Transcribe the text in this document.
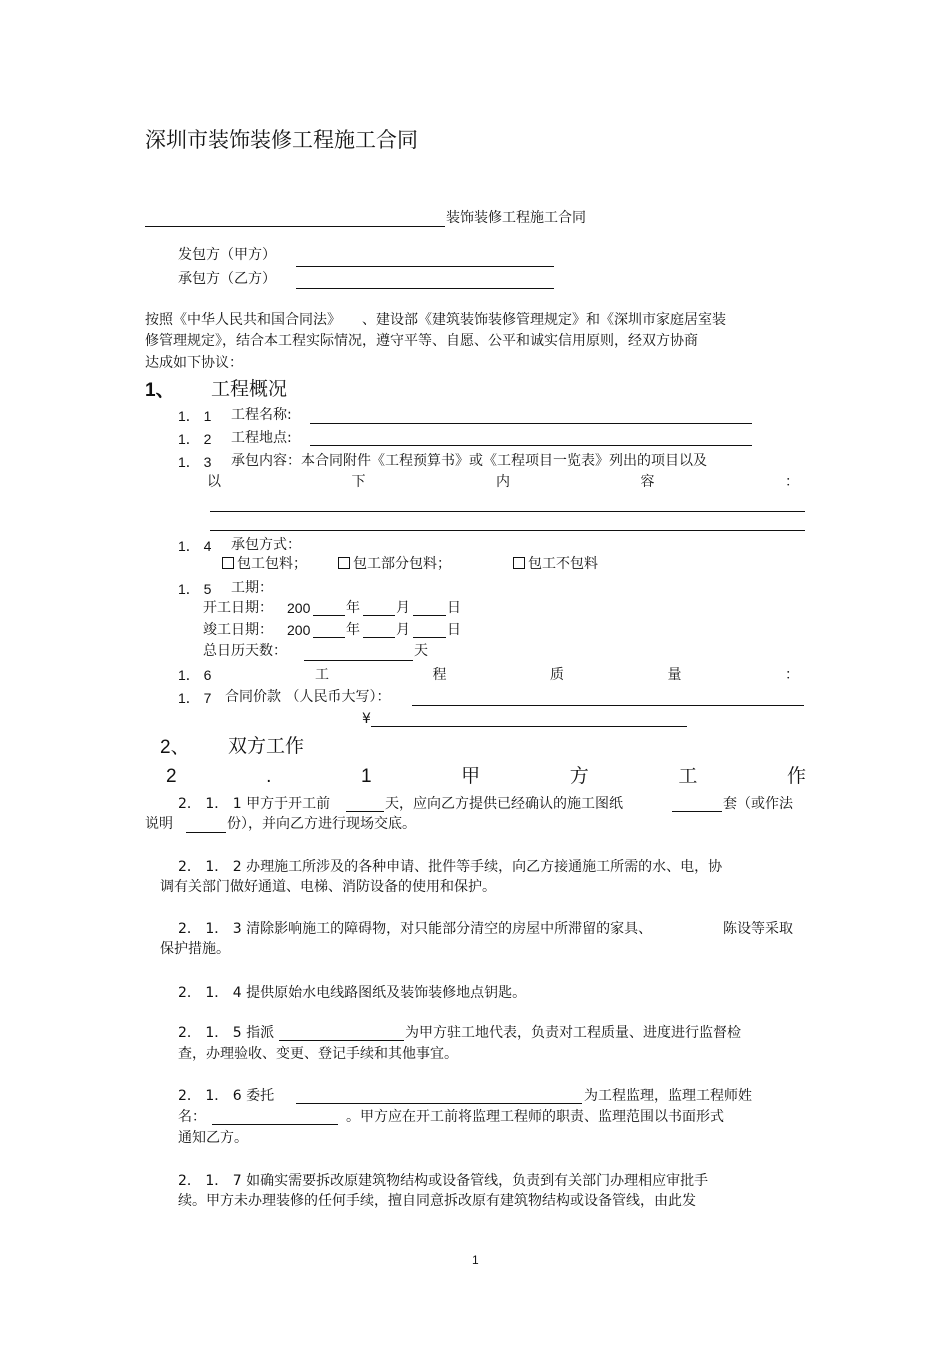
深圳市装饰装修工程施工合同
装饰装修工程施工合同
发包方（甲方）
承包方（乙方）
按照《中华人民共和国合同法》　　、建设部《建筑装饰装修管理规定》和《深圳市家庭居室装
修管理规定》，结合本工程实际情况，遵守平等、自愿、公平和诚实信用原则，经双方协商
达成如下协议：
1、 工程概况
1． 1 工程名称:
1． 2 工程地点:
1． 3 承包内容：本合同附件《工程预算书》或《工程项目一览表》列出的项目以及
以	下	内	容	：
1． 4 承包方式：
包工包料；	包工部分包料；	包工不包料
1． 5 工期：
开工日期： 200	年	月	日
竣工日期： 200	年	月	日
总日历天数：	天
1． 6	工	程	质	量	：
1． 7 合同价款 （人民币大写）：
¥
2、 双方工作
2	.	1	甲	方	工	作
2． 1． 1 甲方于开工前	天，应向乙方提供已经确认的施工图纸	套（或作法
说明	份），并向乙方进行现场交底。
2． 1． 2 办理施工所涉及的各种申请、批件等手续，向乙方接通施工所需的水、电，协
调有关部门做好通道、电梯、消防设备的使用和保护。
2． 1． 3 清除影响施工的障碍物，对只能部分清空的房屋中所滞留的家具、	陈设等采取
保护措施。
2． 1． 4 提供原始水电线路图纸及装饰装修地点钥匙。
2． 1． 5 指派	为甲方驻工地代表，负责对工程质量、进度进行监督检
查，办理验收、变更、登记手续和其他事宜。
2． 1． 6 委托	为工程监理，监理工程师姓
名：	。甲方应在开工前将监理工程师的职责、监理范围以书面形式
通知乙方。
2． 1． 7 如确实需要拆改原建筑物结构或设备管线，负责到有关部门办理相应审批手
续。甲方未办理装修的任何手续，擅自同意拆改原有建筑物结构或设备管线，由此发
1
